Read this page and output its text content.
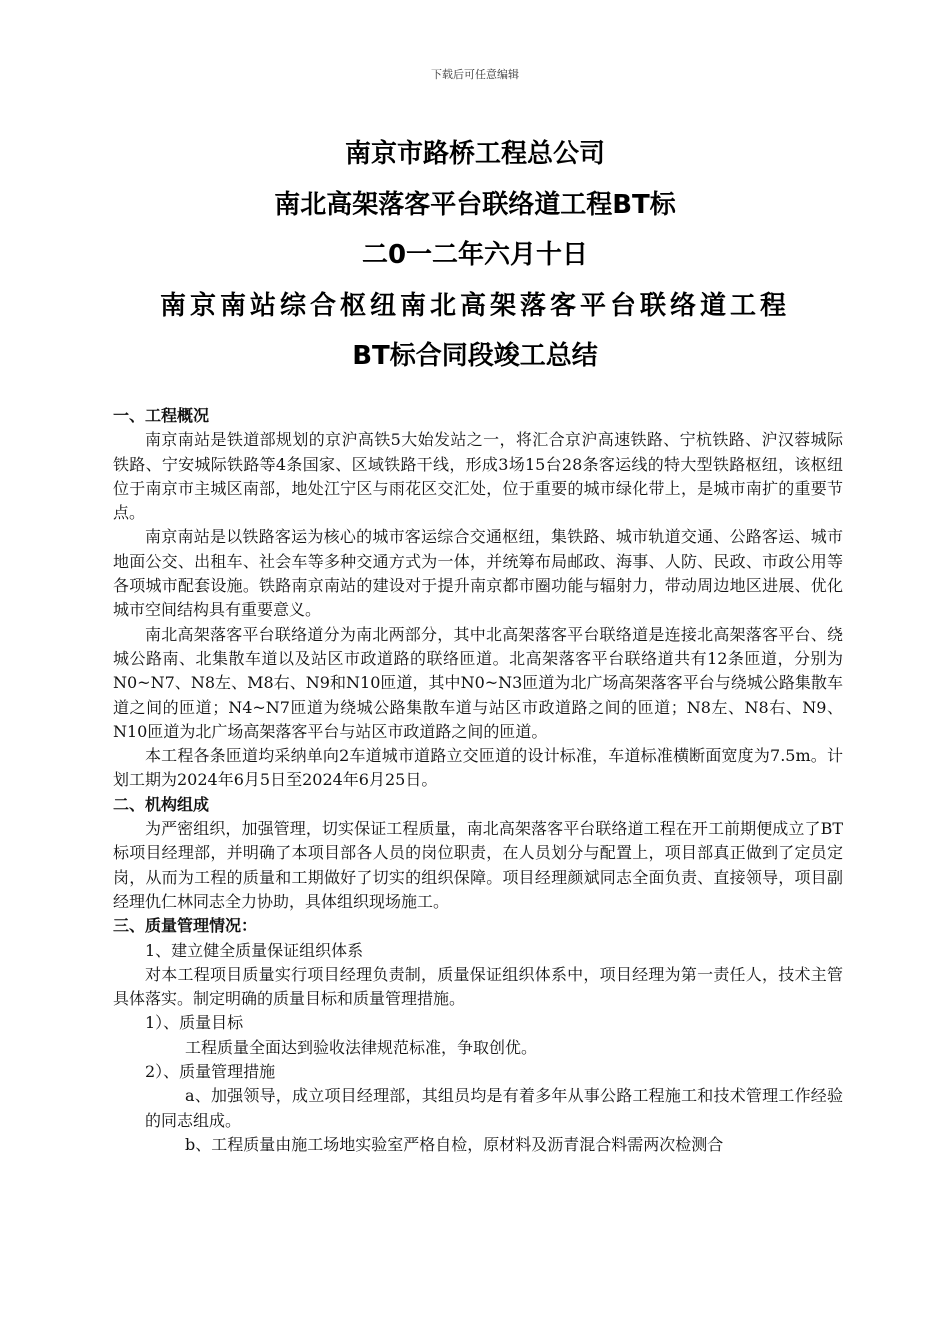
下载后可任意编辑
南京市路桥工程总公司
南北高架落客平台联络道工程BT标
二0一二年六月十日
南京南站综合枢纽南北高架落客平台联络道工程
BT标合同段竣工总结

一、工程概况

南京南站是铁道部规划的京沪高铁5大始发站之一，将汇合京沪高速铁路、宁杭铁路、沪汉蓉城际铁路、宁安城际铁路等4条国家、区域铁路干线，形成3场15台28条客运线的特大型铁路枢纽，该枢纽位于南京市主城区南部，地处江宁区与雨花区交汇处，位于重要的城市绿化带上，是城市南扩的重要节点。

南京南站是以铁路客运为核心的城市客运综合交通枢纽，集铁路、城市轨道交通、公路客运、城市地面公交、出租车、社会车等多种交通方式为一体，并统筹布局邮政、海事、人防、民政、市政公用等各项城市配套设施。铁路南京南站的建设对于提升南京都市圈功能与辐射力，带动周边地区进展、优化城市空间结构具有重要意义。

南北高架落客平台联络道分为南北两部分，其中北高架落客平台联络道是连接北高架落客平台、绕城公路南、北集散车道以及站区市政道路的联络匝道。北高架落客平台联络道共有12条匝道，分别为N0~N7、N8左、M8右、N9和N10匝道，其中N0~N3匝道为北广场高架落客平台与绕城公路集散车道之间的匝道；N4~N7匝道为绕城公路集散车道与站区市政道路之间的匝道；N8左、N8右、N9、N10匝道为北广场高架落客平台与站区市政道路之间的匝道。

本工程各条匝道均采纳单向2车道城市道路立交匝道的设计标准，车道标准横断面宽度为7.5m。计划工期为2024年6月5日至2024年6月25日。

二、机构组成

为严密组织，加强管理，切实保证工程质量，南北高架落客平台联络道工程在开工前期便成立了BT标项目经理部，并明确了本项目部各人员的岗位职责，在人员划分与配置上，项目部真正做到了定员定岗，从而为工程的质量和工期做好了切实的组织保障。项目经理颜斌同志全面负责、直接领导，项目副经理仇仁林同志全力协助，具体组织现场施工。

三、质量管理情况：

1、建立健全质量保证组织体系

对本工程项目质量实行项目经理负责制，质量保证组织体系中，项目经理为第一责任人，技术主管具体落实。制定明确的质量目标和质量管理措施。

1）、质量目标

工程质量全面达到验收法律规范标准，争取创优。

2）、质量管理措施

a、加强领导，成立项目经理部，其组员均是有着多年从事公路工程施工和技术管理工作经验的同志组成。

b、工程质量由施工场地实验室严格自检，原材料及沥青混合料需两次检测合
